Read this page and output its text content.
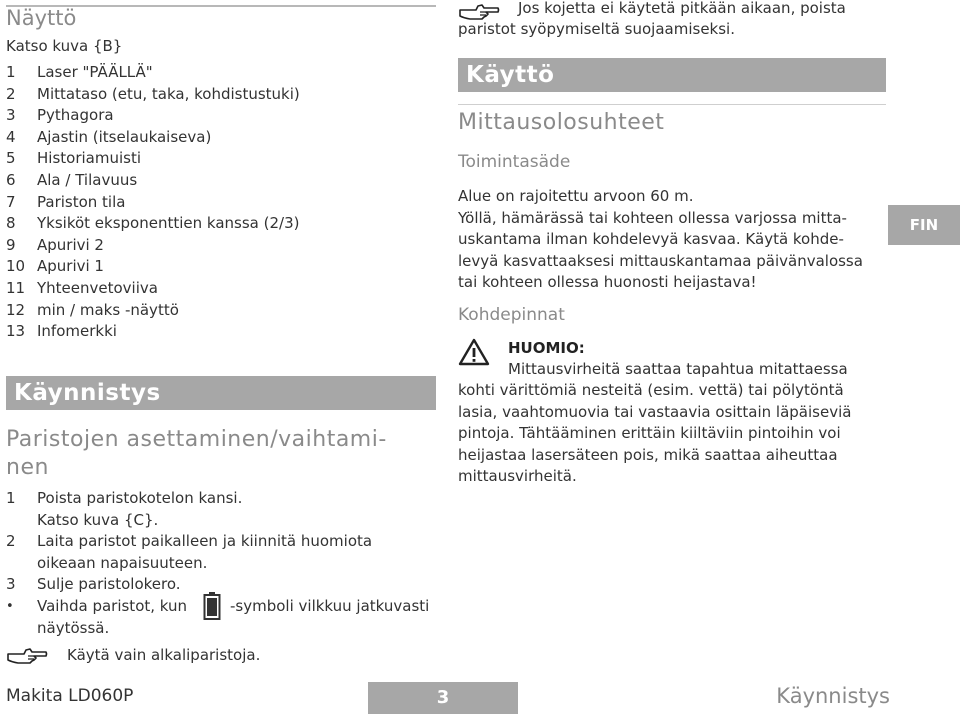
Näyttö
Katso kuva {B}
1 Laser "PÄÄLLÄ"
2 Mittataso (etu, taka, kohdistustuki)
3 Pythagora
4 Ajastin (itselaukaiseva)
5 Historiamuisti
6 Ala / Tilavuus
7 Pariston tila
8 Yksiköt eksponenttien kanssa (2/3)
9 Apurivi 2
10 Apurivi 1
11 Yhteenvetoviiva
12 min / maks -näyttö
13 Infomerkki
Käynnistys
Paristojen asettaminen/vaihtami-
nen
1 Poista paristokotelon kansi.
Katso kuva {C}.
2 Laita paristot paikalleen ja kiinnitä huomiota
oikeaan napaisuuteen.
3 Sulje paristolokero.
• Vaihda paristot, kun	-symboli vilkkuu jatkuvasti
näytössä.
Käytä vain alkaliparistoja.
Jos kojetta ei käytetä pitkään aikaan, poista
paristot syöpymiseltä suojaamiseksi.
Käyttö
Mittausolosuhteet
Toimintasäde
Alue on rajoitettu arvoon 60 m.
Yöllä, hämärässä tai kohteen ollessa varjossa mitta-
uskantama ilman kohdelevyä kasvaa. Käytä kohde-
levyä kasvattaaksesi mittauskantamaa päivänvalossa
tai kohteen ollessa huonosti heijastava!
Kohdepinnat
HUOMIO:
Mittausvirheitä saattaa tapahtua mitattaessa
kohti värittömiä nesteitä (esim. vettä) tai pölytöntä
lasia, vaahtomuovia tai vastaavia osittain läpäiseviä
pintoja. Tähtääminen erittäin kiiltäviin pintoihin voi
heijastaa lasersäteen pois, mikä saattaa aiheuttaa
mittausvirheitä.
FIN
Makita LD060P	3	Käynnistys
